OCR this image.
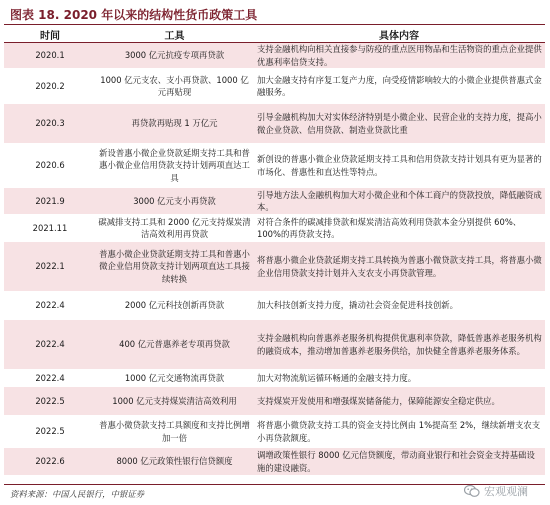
图表 18. 2020 年以来的结构性货币政策工具
时间	工具	具体内容
2020.1	3000 亿元抗疫专项再贷款	支持金融机构向相关直接参与防疫的重点医用物品和生活物资的重点企业提供优惠利率信贷支持。
2020.2	1000 亿元支农、支小再贷款、1000 亿元再贴现	加大金融支持有序复工复产力度，向受疫情影响较大的小微企业提供普惠式金融服务。
2020.3	再贷款再贴现 1 万亿元	引导金融机构加大对实体经济特别是小微企业、民营企业的支持力度，提高小微企业贷款、信用贷款、制造业贷款比重
2020.6	新设普惠小微企业贷款延期支持工具和普惠小微企业信用贷款支持计划两项直达工具	新创设的普惠小微企业贷款延期支持工具和信用贷款支持计划具有更为显著的市场化、普惠性和直达性等特点。
2021.9	3000 亿元支小再贷款	引导地方法人金融机构加大对小微企业和个体工商户的贷款投放，降低融资成本。
2021.11	碳减排支持工具和 2000 亿元支持煤炭清洁高效利用再贷款	对符合条件的碳减排贷款和煤炭清洁高效利用贷款本金分别提供 60%、100%的再贷款支持。
2022.1	普惠小微企业贷款延期支持工具和普惠小微企业信用贷款支持计划两项直达工具接续转换	将普惠小微企业贷款延期支持工具转换为普惠小微贷款支持工具，将普惠小微企业信用贷款支持计划并入支农支小再贷款管理。
2022.4	2000 亿元科技创新再贷款	加大科技创新支持力度，撬动社会资金促进科技创新。
2022.4	400 亿元普惠养老专项再贷款	支持金融机构向普惠养老服务机构提供优惠利率贷款，降低普惠养老服务机构的融资成本，推动增加普惠养老服务供给，加快健全普惠养老服务体系。
2022.4	1000 亿元交通物流再贷款	加大对物流航运循环畅通的金融支持力度。
2022.5	1000 亿元支持煤炭清洁高效利用	支持煤炭开发使用和增强煤炭储备能力，保障能源安全稳定供应。
2022.5	普惠小微贷款支持工具额度和支持比例增加一倍	将普惠小微贷款支持工具的资金支持比例由 1%提高至 2%，继续新增支农支小再贷款额度。
2022.6	8000 亿元政策性银行信贷额度	调增政策性银行 8000 亿元信贷额度，带动商业银行和社会资金支持基础设施的建设融资。
资料来源：中国人民银行，中银证券	宏观观澜
